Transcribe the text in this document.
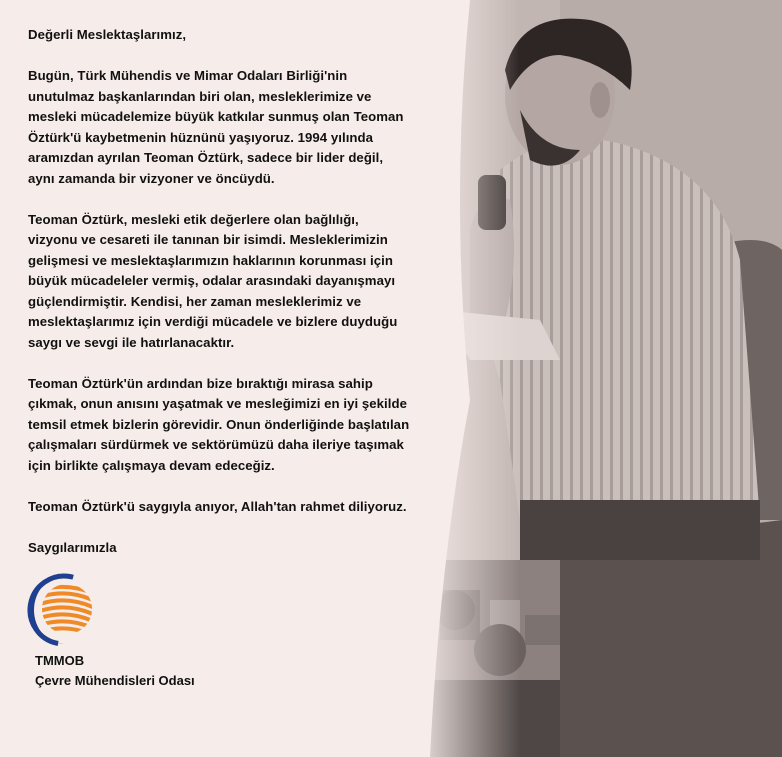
Değerli Meslektaşlarımız,

Bugün, Türk Mühendis ve Mimar Odaları Birliği'nin
unutulmaz başkanlarından biri olan, mesleklerimize ve
mesleki mücadelemize büyük katkılar sunmuş olan Teoman
Öztürk'ü kaybetmenin hüznünü yaşıyoruz. 1994 yılında
aramızdan ayrılan Teoman Öztürk, sadece bir lider değil,
aynı zamanda bir vizyoner ve öncüydü.

Teoman Öztürk, mesleki etik değerlere olan bağlılığı,
vizyonu ve cesareti ile tanınan bir isimdi. Mesleklerimizin
gelişmesi ve meslektaşlarımızın haklarının korunması için
büyük mücadeleler vermiş, odalar arasındaki dayanışmayı
güçlendirmiştir. Kendisi, her zaman mesleklerimiz ve
meslektaşlarımız için verdiği mücadele ve bizlere duyduğu
saygı ve sevgi ile hatırlanacaktır.

Teoman Öztürk'ün ardından bize bıraktığı mirasa sahip
çıkmak, onun anısını yaşatmak ve mesleğimizi en iyi şekilde
temsil etmek bizlerin görevidir. Onun önderliğinde başlatılan
çalışmaları sürdürmek ve sektörümüzü daha ileriye taşımak
için birlikte çalışmaya devam edeceğiz.

Teoman Öztürk'ü saygıyla anıyor, Allah'tan rahmet diliyoruz.

Saygılarımızla

TMMOB
Çevre Mühendisleri Odası
